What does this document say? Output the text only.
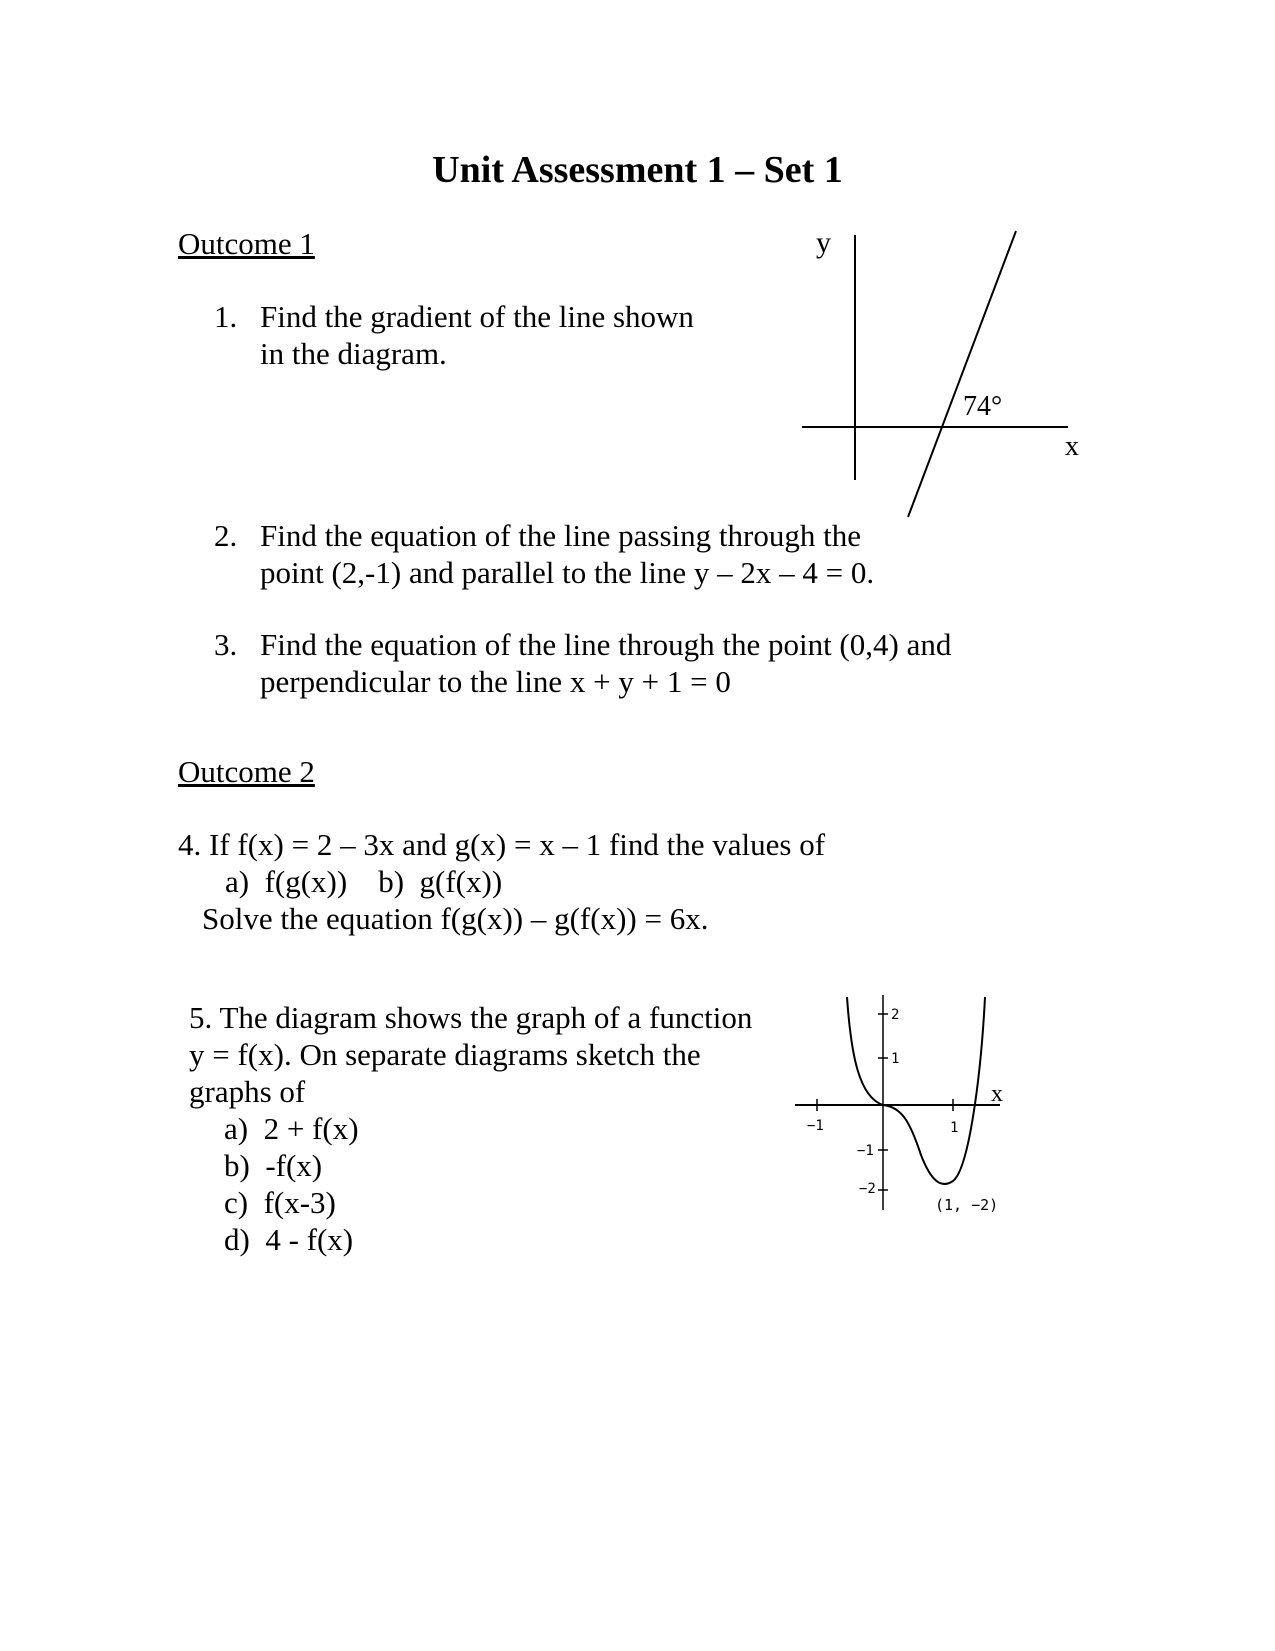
Unit Assessment 1 – Set 1
Outcome 1
1. Find the gradient of the line shown
in the diagram.
y
x
74°
2. Find the equation of the line passing through the
point (2,-1) and parallel to the line y – 2x – 4 = 0.
3. Find the equation of the line through the point (0,4) and
perpendicular to the line x + y + 1 = 0
Outcome 2
4. If f(x) = 2 – 3x and g(x) = x – 1 find the values of
a)  f(g(x))    b)  g(f(x))
Solve the equation f(g(x)) – g(f(x)) = 6x.
5. The diagram shows the graph of a function
y = f(x). On separate diagrams sketch the
graphs of
a)  2 + f(x)
b)  -f(x)
c)  f(x-3)
d)  4 - f(x)
x
−1	1
2
1
−1
−2
(1, −2)
